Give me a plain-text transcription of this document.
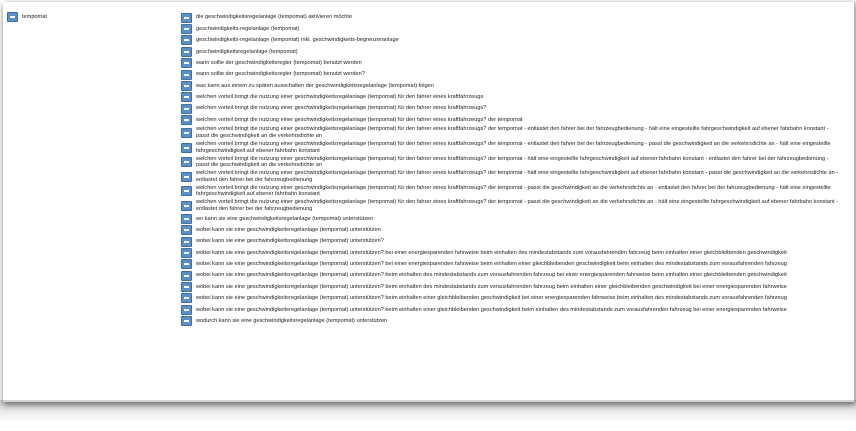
tempomat	die geschwindigkeitsregelanlage (tempomat) aktivieren möchte
geschwindigkeits-regelanlage (tempomat)
geschwindigkeits-regelanlage (tempomat) inkl. geschwindigkeits-begrenzeranlage
geschwindigkeitsregelanlage (tempomat)
wann sollte der geschwindigkeitsregler (tempomat) benutzt werden
wann sollte der geschwindigkeitsregler (tempomat) benutzt werden?
was kann aus einem zu späten ausschalten der geschwindigkeitsregelanlage (tempomat) folgen
welchen vorteil bringt die nutzung einer geschwindigkeitsregelanlage (tempomat) für den fahrer eines kraftfahrzeugs
welchen vorteil bringt die nutzung einer geschwindigkeitsregelanlage (tempomat) für den fahrer eines kraftfahrzeugs?
welchen vorteil bringt die nutzung einer geschwindigkeitsregelanlage (tempomat) für den fahrer eines kraftfahrzeugs? der tempomat
welchen vorteil bringt die nutzung einer geschwindigkeitsregelanlage (tempomat) für den fahrer eines kraftfahrzeugs? der tempomat - entlastet den fahrer bei der fahrzeugbedienung - hält eine eingestellte fahrgeschwindigkeit auf ebener fahrbahn konstant - passt die geschwindigkeit an die verkehrsdichte an
welchen vorteil bringt die nutzung einer geschwindigkeitsregelanlage (tempomat) für den fahrer eines kraftfahrzeugs? der tempomat - entlastet den fahrer bei der fahrzeugbedienung - passt die geschwindigkeit an die verkehrsdichte an - hält eine eingestellte fahrgeschwindigkeit auf ebener fahrbahn konstant
welchen vorteil bringt die nutzung einer geschwindigkeitsregelanlage (tempomat) für den fahrer eines kraftfahrzeugs? der tempomat - hält eine eingestellte fahrgeschwindigkeit auf ebener fahrbahn konstant - entlastet den fahrer bei der fahrzeugbedienung - passt die geschwindigkeit an die verkehrsdichte an
welchen vorteil bringt die nutzung einer geschwindigkeitsregelanlage (tempomat) für den fahrer eines kraftfahrzeugs? der tempomat - hält eine eingestellte fahrgeschwindigkeit auf ebener fahrbahn konstant - passt die geschwindigkeit an die verkehrsdichte an - entlastet den fahrer bei der fahrzeugbedienung
welchen vorteil bringt die nutzung einer geschwindigkeitsregelanlage (tempomat) für den fahrer eines kraftfahrzeugs? der tempomat - passt die geschwindigkeit an die verkehrsdichte an - entlastet den fahrer bei der fahrzeugbedienung - hält eine eingestellte fahrgeschwindigkeit auf ebener fahrbahn konstant
welchen vorteil bringt die nutzung einer geschwindigkeitsregelanlage (tempomat) für den fahrer eines kraftfahrzeugs? der tempomat - passt die geschwindigkeit an die verkehrsdichte an - hält eine eingestellte fahrgeschwindigkeit auf ebener fahrbahn konstant - entlastet den fahrer bei der fahrzeugbedienung
wo kann sie eine geschwindigkeitsregelanlage (tempomat) unterstützen
wobei kann sie eine geschwindigkeitsregelanlage (tempomat) unterstützen
wobei kann sie eine geschwindigkeitsregelanlage (tempomat) unterstützen?
wobei kann sie eine geschwindigkeitsregelanlage (tempomat) unterstützen? bei einer energiesparenden fahrweise beim einhalten des mindestabstands zum vorausfahrenden fahrzeug beim einhalten einer gleichbleibenden geschwindigkeit
wobei kann sie eine geschwindigkeitsregelanlage (tempomat) unterstützen? bei einer energiesparenden fahrweise beim einhalten einer gleichbleibenden geschwindigkeit beim einhalten des mindestabstands zum vorausfahrenden fahrzeug
wobei kann sie eine geschwindigkeitsregelanlage (tempomat) unterstützen? beim einhalten des mindestabstands zum vorausfahrenden fahrzeug bei einer energiesparenden fahrweise beim einhalten einer gleichbleibenden geschwindigkeit
wobei kann sie eine geschwindigkeitsregelanlage (tempomat) unterstützen? beim einhalten des mindestabstands zum vorausfahrenden fahrzeug beim einhalten einer gleichbleibenden geschwindigkeit bei einer energiesparenden fahrweise
wobei kann sie eine geschwindigkeitsregelanlage (tempomat) unterstützen? beim einhalten einer gleichbleibenden geschwindigkeit bei einer energiesparenden fahrweise beim einhalten des mindestabstands zum vorausfahrenden fahrzeug
wobei kann sie eine geschwindigkeitsregelanlage (tempomat) unterstützen? beim einhalten einer gleichbleibenden geschwindigkeit beim einhalten des mindestabstands zum vorausfahrenden fahrzeug bei einer energiesparenden fahrweise
wodurch kann sie eine geschwindigkeitsregelanlage (tempomat) unterstützen
